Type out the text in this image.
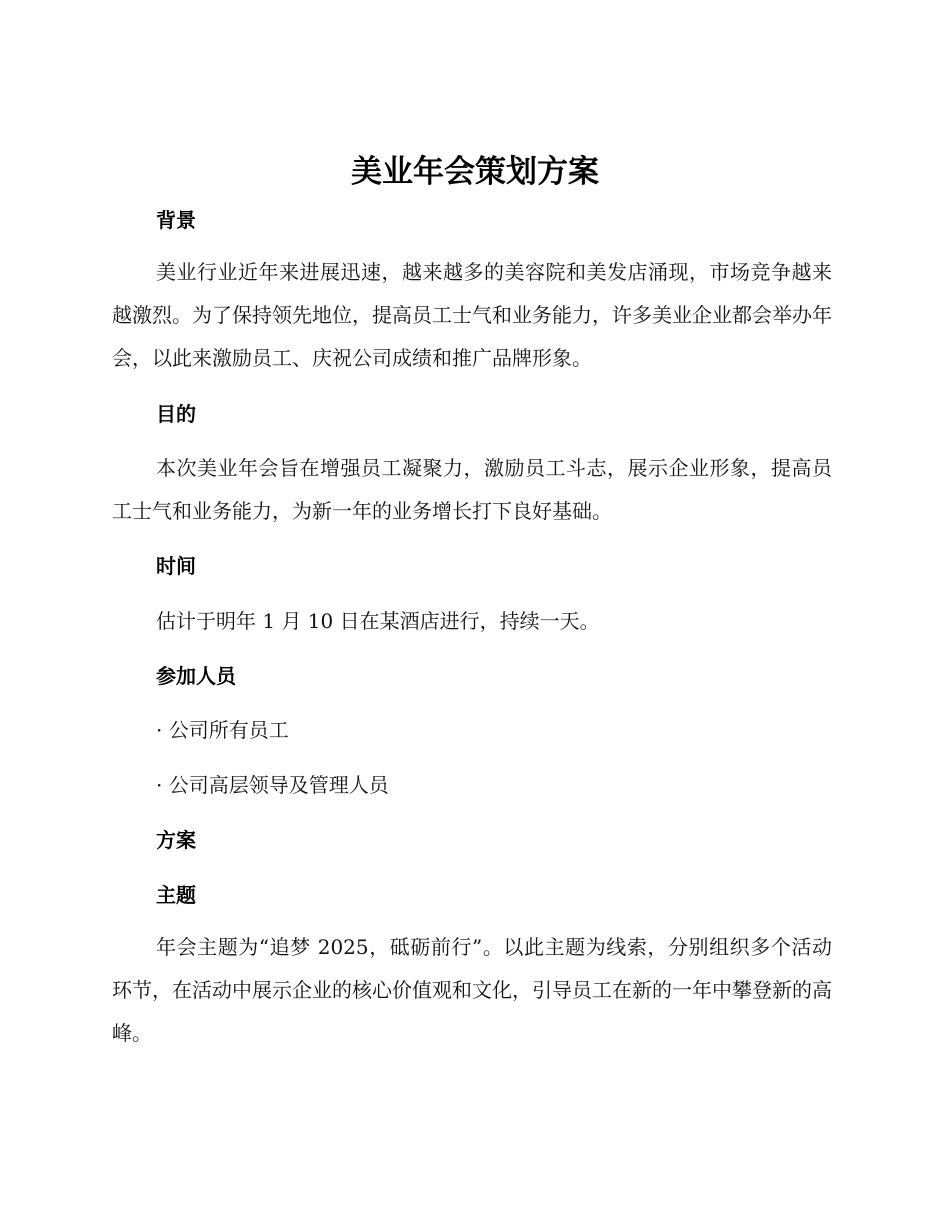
美业年会策划方案
背景
美业行业近年来进展迅速，越来越多的美容院和美发店涌现，市场竞争越来越激烈。为了保持领先地位，提高员工士气和业务能力，许多美业企业都会举办年会，以此来激励员工、庆祝公司成绩和推广品牌形象。
目的
本次美业年会旨在增强员工凝聚力，激励员工斗志，展示企业形象，提高员工士气和业务能力，为新一年的业务增长打下良好基础。
时间
估计于明年 1 月 10 日在某酒店进行，持续一天。
参加人员
· 公司所有员工
· 公司高层领导及管理人员
方案
主题
年会主题为“追梦 2025，砥砺前行”。以此主题为线索，分别组织多个活动环节，在活动中展示企业的核心价值观和文化，引导员工在新的一年中攀登新的高峰。
